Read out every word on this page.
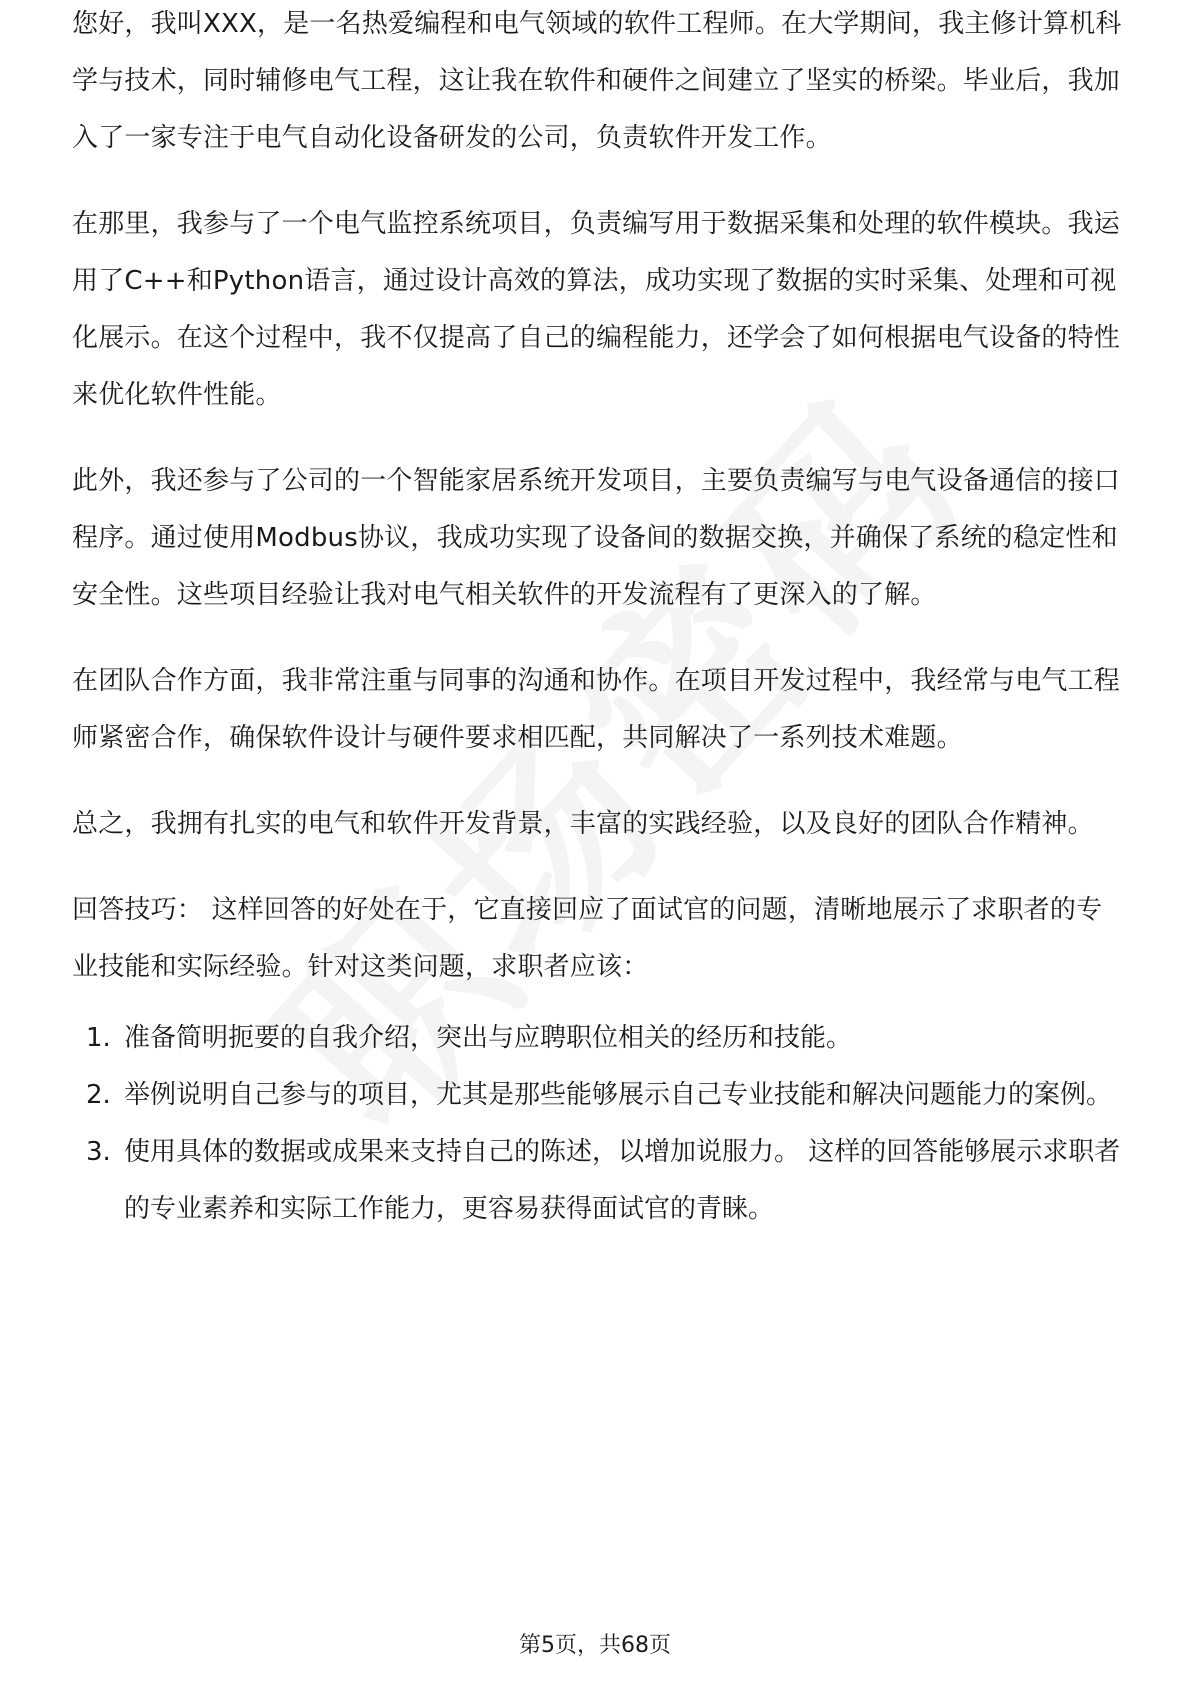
您好，我叫XXX，是一名热爱编程和电气领域的软件工程师。在大学期间，我主修计算机科学与技术，同时辅修电气工程，这让我在软件和硬件之间建立了坚实的桥梁。毕业后，我加入了一家专注于电气自动化设备研发的公司，负责软件开发工作。

在那里，我参与了一个电气监控系统项目，负责编写用于数据采集和处理的软件模块。我运用了C++和Python语言，通过设计高效的算法，成功实现了数据的实时采集、处理和可视化展示。在这个过程中，我不仅提高了自己的编程能力，还学会了如何根据电气设备的特性来优化软件性能。

此外，我还参与了公司的一个智能家居系统开发项目，主要负责编写与电气设备通信的接口程序。通过使用Modbus协议，我成功实现了设备间的数据交换，并确保了系统的稳定性和安全性。这些项目经验让我对电气相关软件的开发流程有了更深入的了解。

在团队合作方面，我非常注重与同事的沟通和协作。在项目开发过程中，我经常与电气工程师紧密合作，确保软件设计与硬件要求相匹配，共同解决了一系列技术难题。

总之，我拥有扎实的电气和软件开发背景，丰富的实践经验，以及良好的团队合作精神。

回答技巧： 这样回答的好处在于，它直接回应了面试官的问题，清晰地展示了求职者的专业技能和实际经验。针对这类问题，求职者应该：

1. 准备简明扼要的自我介绍，突出与应聘职位相关的经历和技能。
2. 举例说明自己参与的项目，尤其是那些能够展示自己专业技能和解决问题能力的案例。
3. 使用具体的数据或成果来支持自己的陈述，以增加说服力。 这样的回答能够展示求职者的专业素养和实际工作能力，更容易获得面试官的青睐。
第5页，共68页
